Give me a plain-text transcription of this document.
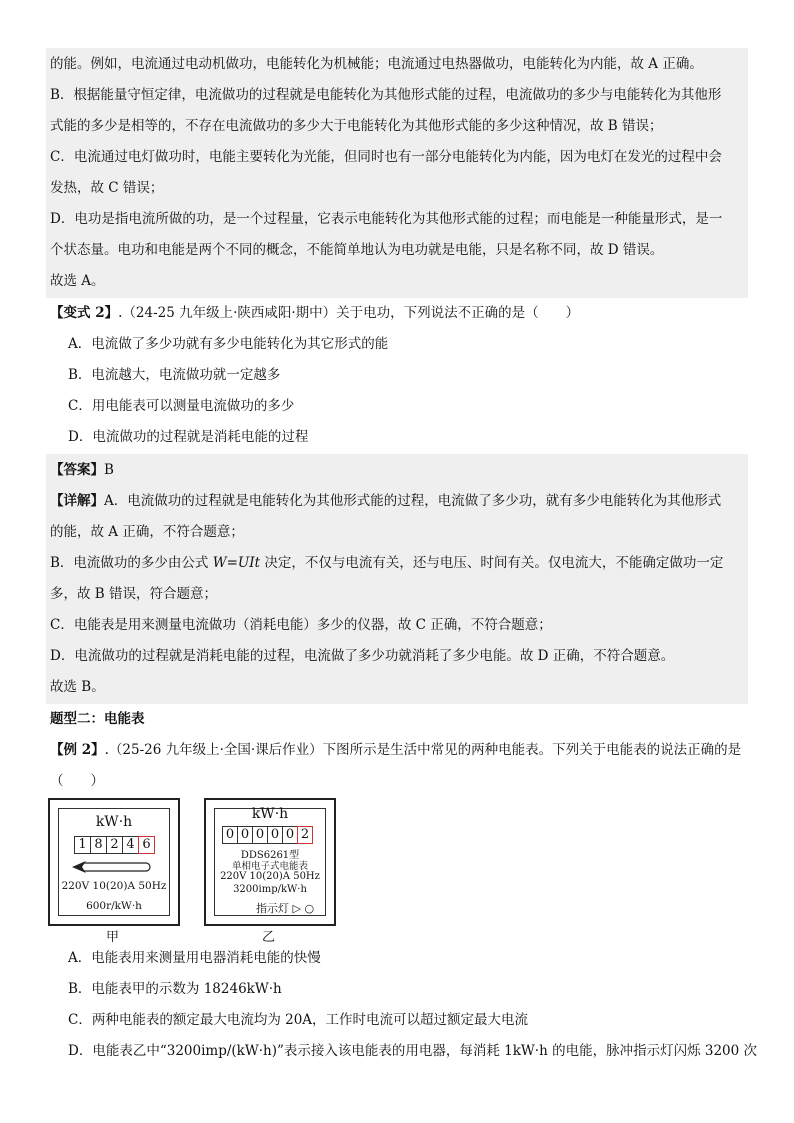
的能。例如，电流通过电动机做功，电能转化为机械能；电流通过电热器做功，电能转化为内能，故 A 正确。
B．根据能量守恒定律，电流做功的过程就是电能转化为其他形式能的过程，电流做功的多少与电能转化为其他形
式能的多少是相等的，不存在电流做功的多少大于电能转化为其他形式能的多少这种情况，故 B 错误；
C．电流通过电灯做功时，电能主要转化为光能，但同时也有一部分电能转化为内能，因为电灯在发光的过程中会
发热，故 C 错误；
D．电功是指电流所做的功，是一个过程量，它表示电能转化为其他形式能的过程；而电能是一种能量形式，是一
个状态量。电功和电能是两个不同的概念，不能简单地认为电功就是电能，只是名称不同，故 D 错误。
故选 A。
【变式 2】.（24-25 九年级上·陕西咸阳·期中）关于电功，下列说法不正确的是（　　）
A．电流做了多少功就有多少电能转化为其它形式的能
B．电流越大，电流做功就一定越多
C．用电能表可以测量电流做功的多少
D．电流做功的过程就是消耗电能的过程
【答案】B
【详解】A．电流做功的过程就是电能转化为其他形式能的过程，电流做了多少功，就有多少电能转化为其他形式
的能，故 A 正确，不符合题意；
B．电流做功的多少由公式 W=UIt 决定，不仅与电流有关，还与电压、时间有关。仅电流大，不能确定做功一定
多，故 B 错误，符合题意；
C．电能表是用来测量电流做功（消耗电能）多少的仪器，故 C 正确，不符合题意；
D．电流做功的过程就是消耗电能的过程，电流做了多少功就消耗了多少电能。故 D 正确，不符合题意。
故选 B。
题型二：电能表
【例 2】.（25-26 九年级上·全国·课后作业）下图所示是生活中常见的两种电能表。下列关于电能表的说法正确的是
（　　）
kW·h
1 8 2 4 6
220V 10(20)A 50Hz
600r/kW·h
甲
kW·h
0 0 0 0 0 2
DDS6261型
单相电子式电能表
220V 10(20)A 50Hz
3200imp/kW·h
指示灯 ▷ ○
乙
A．电能表用来测量用电器消耗电能的快慢
B．电能表甲的示数为 18246kW·h
C．两种电能表的额定最大电流均为 20A，工作时电流可以超过额定最大电流
D．电能表乙中“3200imp/(kW·h)”表示接入该电能表的用电器，每消耗 1kW·h 的电能，脉冲指示灯闪烁 3200 次
